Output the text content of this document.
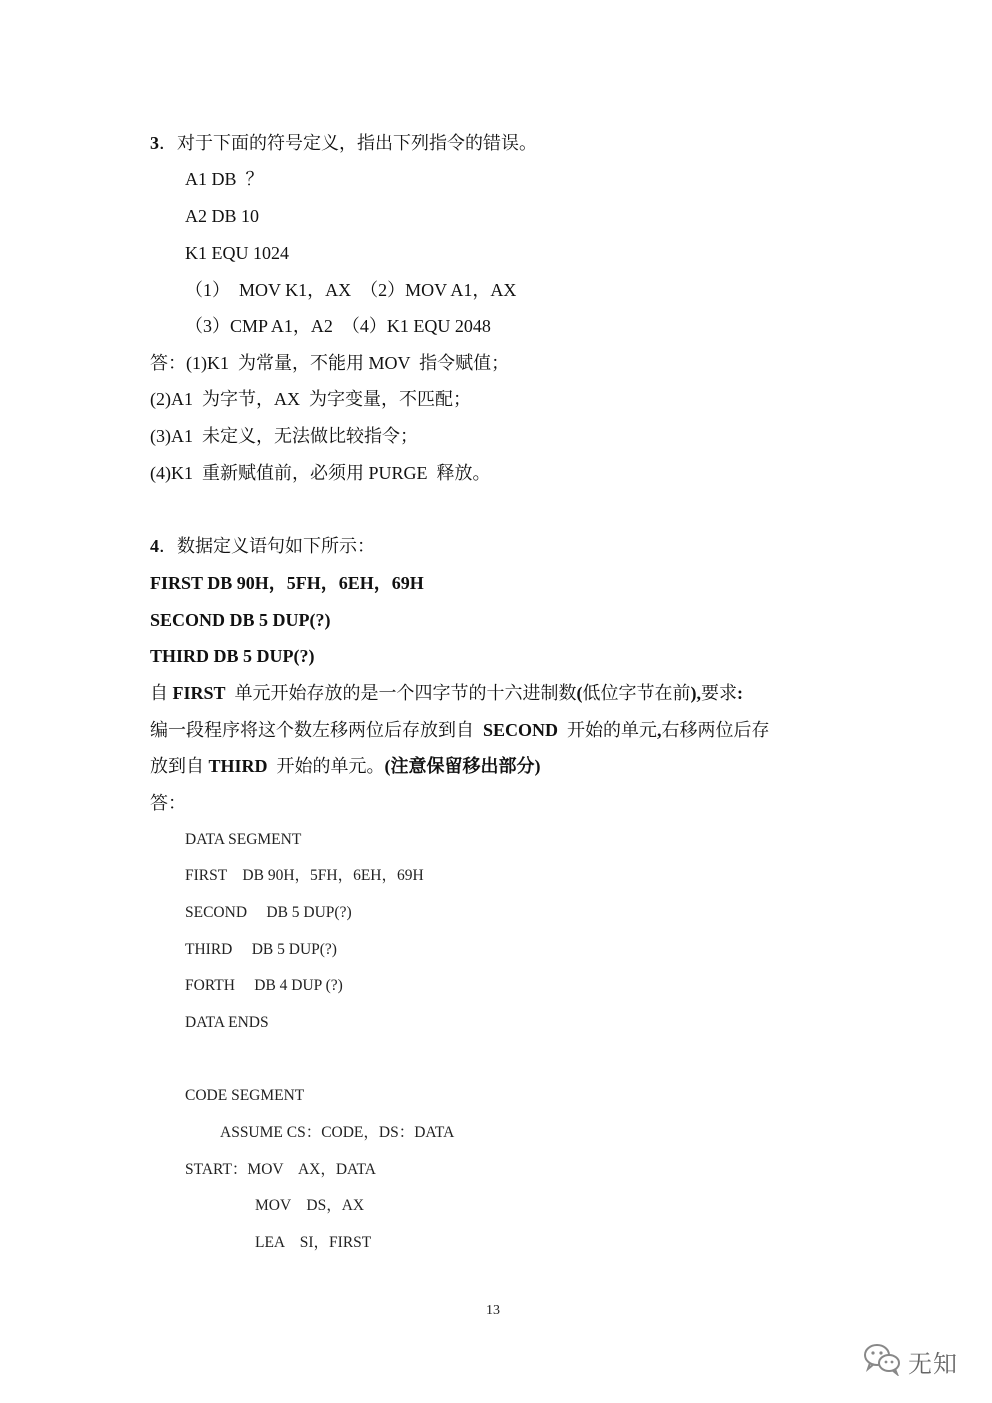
3．对于下面的符号定义，指出下列指令的错误。
A1 DB  ？
A2 DB 10
K1 EQU 1024
（1）  MOV K1，AX  （2）MOV A1，AX
（3）CMP A1，A2  （4）K1 EQU 2048
答：(1)K1  为常量，不能用 MOV  指令赋值；
(2)A1  为字节，AX  为字变量，不匹配；
(3)A1  未定义，无法做比较指令；
(4)K1  重新赋值前，必须用 PURGE  释放。
4．数据定义语句如下所示：
FIRST DB 90H，5FH，6EH，69H
SECOND DB 5 DUP(?)
THIRD DB 5 DUP(?)
自 FIRST  单元开始存放的是一个四字节的十六进制数(低位字节在前),要求:
编一段程序将这个数左移两位后存放到自  SECOND  开始的单元,右移两位后存
放到自 THIRD  开始的单元。(注意保留移出部分)
答：
DATA SEGMENT
FIRST    DB 90H，5FH，6EH，69H
SECOND     DB 5 DUP(?)
THIRD     DB 5 DUP(?)
FORTH     DB 4 DUP (?)
DATA ENDS
CODE SEGMENT
ASSUME CS：CODE，DS：DATA
START：MOV    AX，DATA
MOV    DS，AX
LEA    SI，FIRST
13
无知
